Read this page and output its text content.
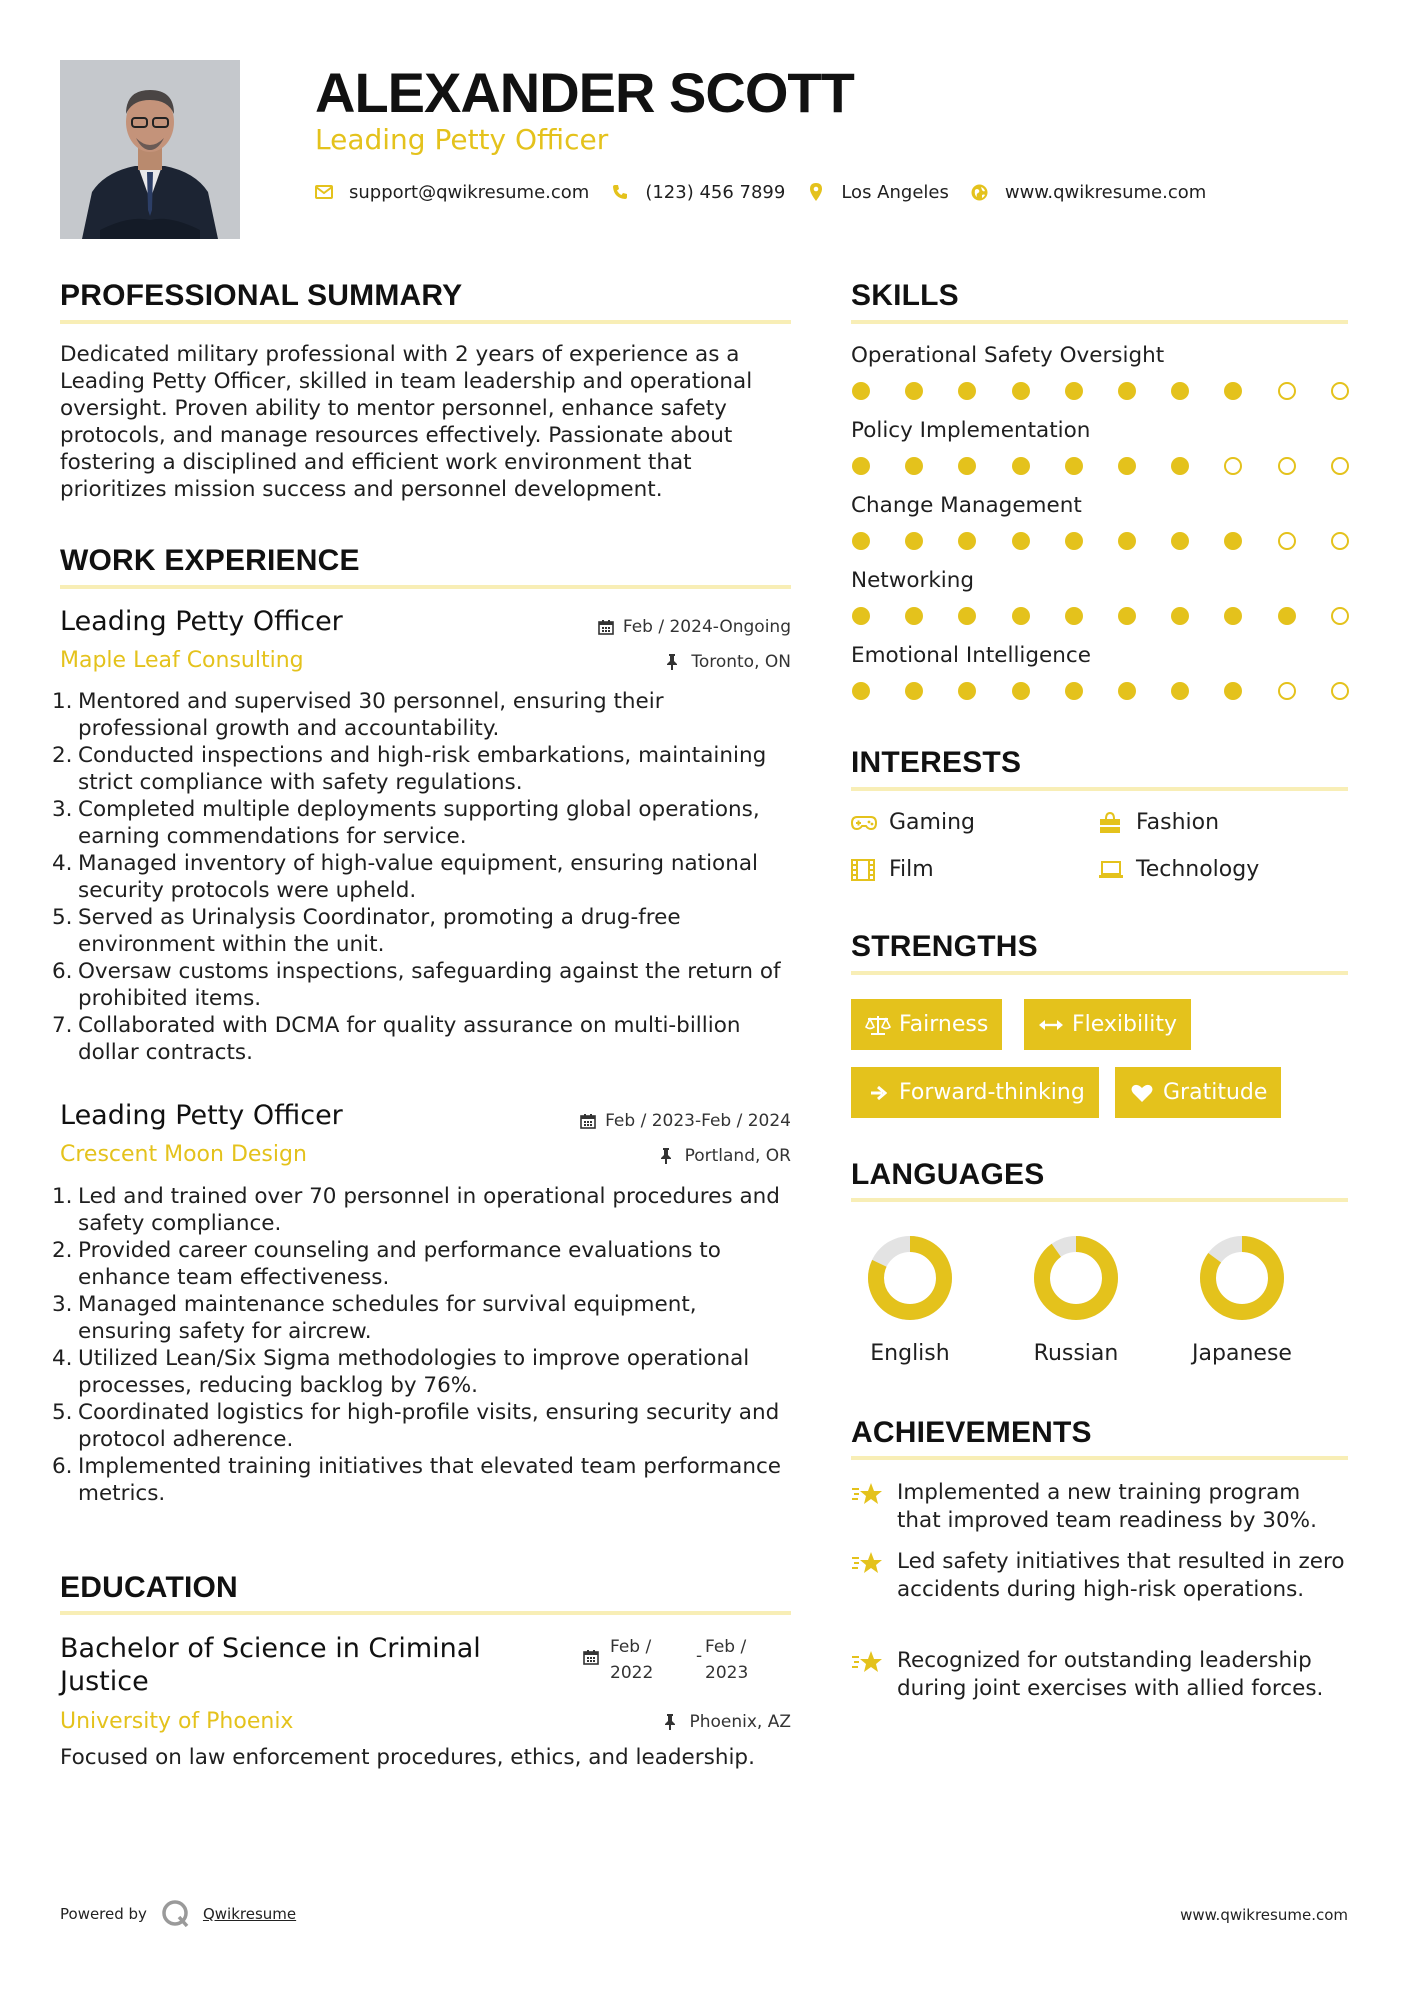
ALEXANDER SCOTT
Leading Petty Officer
support@qwikresume.com	(123) 456 7899	Los Angeles	www.qwikresume.com
PROFESSIONAL SUMMARY
Dedicated military professional with 2 years of experience as a Leading Petty Officer, skilled in team leadership and operational oversight. Proven ability to mentor personnel, enhance safety protocols, and manage resources effectively. Passionate about fostering a disciplined and efficient work environment that prioritizes mission success and personnel development.
WORK EXPERIENCE
Leading Petty Officer	Feb / 2024-Ongoing
Maple Leaf Consulting	Toronto, ON
1. Mentored and supervised 30 personnel, ensuring their professional growth and accountability.
2. Conducted inspections and high-risk embarkations, maintaining strict compliance with safety regulations.
3. Completed multiple deployments supporting global operations, earning commendations for service.
4. Managed inventory of high-value equipment, ensuring national security protocols were upheld.
5. Served as Urinalysis Coordinator, promoting a drug-free environment within the unit.
6. Oversaw customs inspections, safeguarding against the return of prohibited items.
7. Collaborated with DCMA for quality assurance on multi-billion dollar contracts.
Leading Petty Officer	Feb / 2023-Feb / 2024
Crescent Moon Design	Portland, OR
1. Led and trained over 70 personnel in operational procedures and safety compliance.
2. Provided career counseling and performance evaluations to enhance team effectiveness.
3. Managed maintenance schedules for survival equipment, ensuring safety for aircrew.
4. Utilized Lean/Six Sigma methodologies to improve operational processes, reducing backlog by 76%.
5. Coordinated logistics for high-profile visits, ensuring security and protocol adherence.
6. Implemented training initiatives that elevated team performance metrics.
EDUCATION
Bachelor of Science in Criminal Justice
Feb /
2022
- Feb /
2023
University of Phoenix	Phoenix, AZ
Focused on law enforcement procedures, ethics, and leadership.
SKILLS
Operational Safety Oversight
Policy Implementation
Change Management
Networking
Emotional Intelligence
INTERESTS
Gaming	Fashion
Film	Technology
STRENGTHS
Fairness	Flexibility
Forward-thinking	Gratitude
LANGUAGES
English	Russian	Japanese
ACHIEVEMENTS
Implemented a new training program that improved team readiness by 30%.
Led safety initiatives that resulted in zero accidents during high-risk operations.
Recognized for outstanding leadership during joint exercises with allied forces.
Powered by	Qwikresume	www.qwikresume.com
